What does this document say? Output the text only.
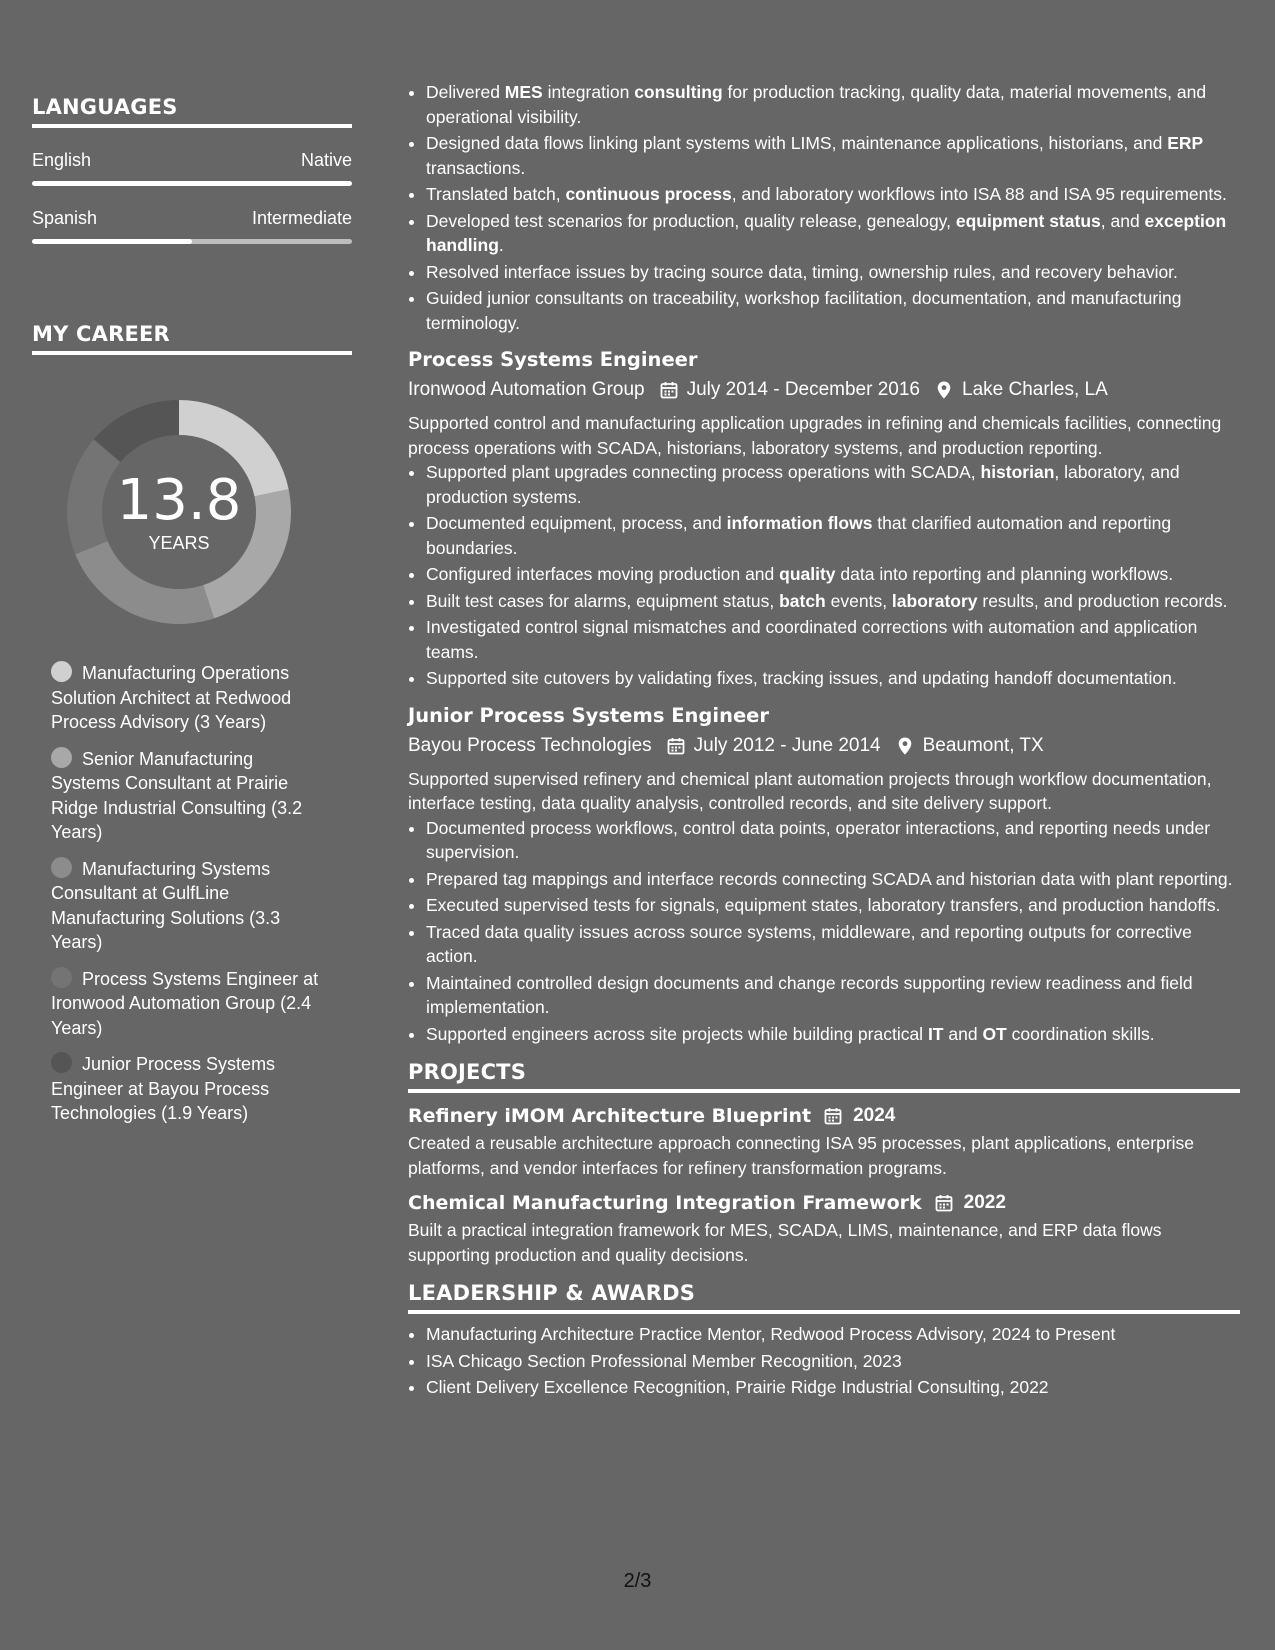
LANGUAGES
English	Native
Spanish	Intermediate
MY CAREER
13.8
YEARS
Manufacturing Operations Solution Architect at Redwood Process Advisory (3 Years)
Senior Manufacturing Systems Consultant at Prairie Ridge Industrial Consulting (3.2 Years)
Manufacturing Systems Consultant at GulfLine Manufacturing Solutions (3.3 Years)
Process Systems Engineer at Ironwood Automation Group (2.4 Years)
Junior Process Systems Engineer at Bayou Process Technologies (1.9 Years)
• Delivered MES integration consulting for production tracking, quality data, material movements, and operational visibility.
• Designed data flows linking plant systems with LIMS, maintenance applications, historians, and ERP transactions.
• Translated batch, continuous process, and laboratory workflows into ISA 88 and ISA 95 requirements.
• Developed test scenarios for production, quality release, genealogy, equipment status, and exception handling.
• Resolved interface issues by tracing source data, timing, ownership rules, and recovery behavior.
• Guided junior consultants on traceability, workshop facilitation, documentation, and manufacturing terminology.
Process Systems Engineer
Ironwood Automation Group July 2014 - December 2016 Lake Charles, LA
Supported control and manufacturing application upgrades in refining and chemicals facilities, connecting process operations with SCADA, historians, laboratory systems, and production reporting.
• Supported plant upgrades connecting process operations with SCADA, historian, laboratory, and production systems.
• Documented equipment, process, and information flows that clarified automation and reporting boundaries.
• Configured interfaces moving production and quality data into reporting and planning workflows.
• Built test cases for alarms, equipment status, batch events, laboratory results, and production records.
• Investigated control signal mismatches and coordinated corrections with automation and application teams.
• Supported site cutovers by validating fixes, tracking issues, and updating handoff documentation.
Junior Process Systems Engineer
Bayou Process Technologies July 2012 - June 2014 Beaumont, TX
Supported supervised refinery and chemical plant automation projects through workflow documentation, interface testing, data quality analysis, controlled records, and site delivery support.
• Documented process workflows, control data points, operator interactions, and reporting needs under supervision.
• Prepared tag mappings and interface records connecting SCADA and historian data with plant reporting.
• Executed supervised tests for signals, equipment states, laboratory transfers, and production handoffs.
• Traced data quality issues across source systems, middleware, and reporting outputs for corrective action.
• Maintained controlled design documents and change records supporting review readiness and field implementation.
• Supported engineers across site projects while building practical IT and OT coordination skills.
PROJECTS
Refinery iMOM Architecture Blueprint 2024
Created a reusable architecture approach connecting ISA 95 processes, plant applications, enterprise platforms, and vendor interfaces for refinery transformation programs.
Chemical Manufacturing Integration Framework 2022
Built a practical integration framework for MES, SCADA, LIMS, maintenance, and ERP data flows supporting production and quality decisions.
LEADERSHIP & AWARDS
• Manufacturing Architecture Practice Mentor, Redwood Process Advisory, 2024 to Present
• ISA Chicago Section Professional Member Recognition, 2023
• Client Delivery Excellence Recognition, Prairie Ridge Industrial Consulting, 2022
2/3
